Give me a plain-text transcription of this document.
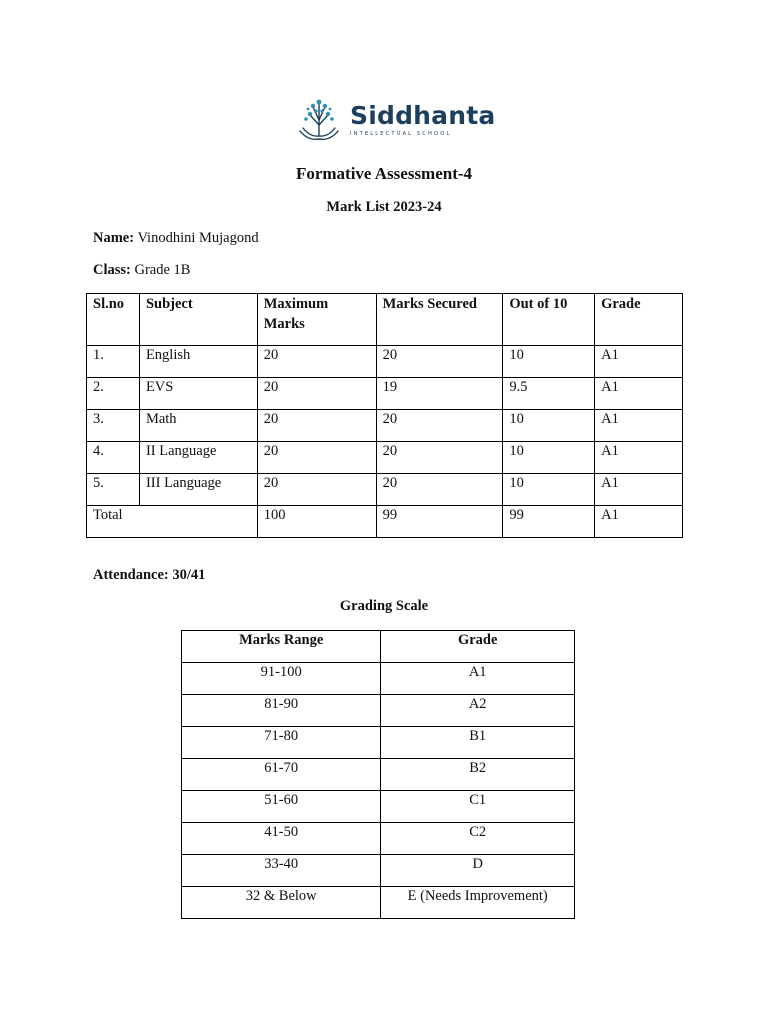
Siddhanta
INTELLECTUAL SCHOOL
Formative Assessment-4
Mark List 2023-24
Name: Vinodhini Mujagond
Class: Grade 1B
Sl.no	Subject	Maximum Marks	Marks Secured	Out of 10	Grade
1.	English	20	20	10	A1
2.	EVS	20	19	9.5	A1
3.	Math	20	20	10	A1
4.	II Language	20	20	10	A1
5.	III Language	20	20	10	A1
Total		100	99	99	A1
Attendance: 30/41
Grading Scale
Marks Range	Grade
91-100	A1
81-90	A2
71-80	B1
61-70	B2
51-60	C1
41-50	C2
33-40	D
32 & Below	E (Needs Improvement)
